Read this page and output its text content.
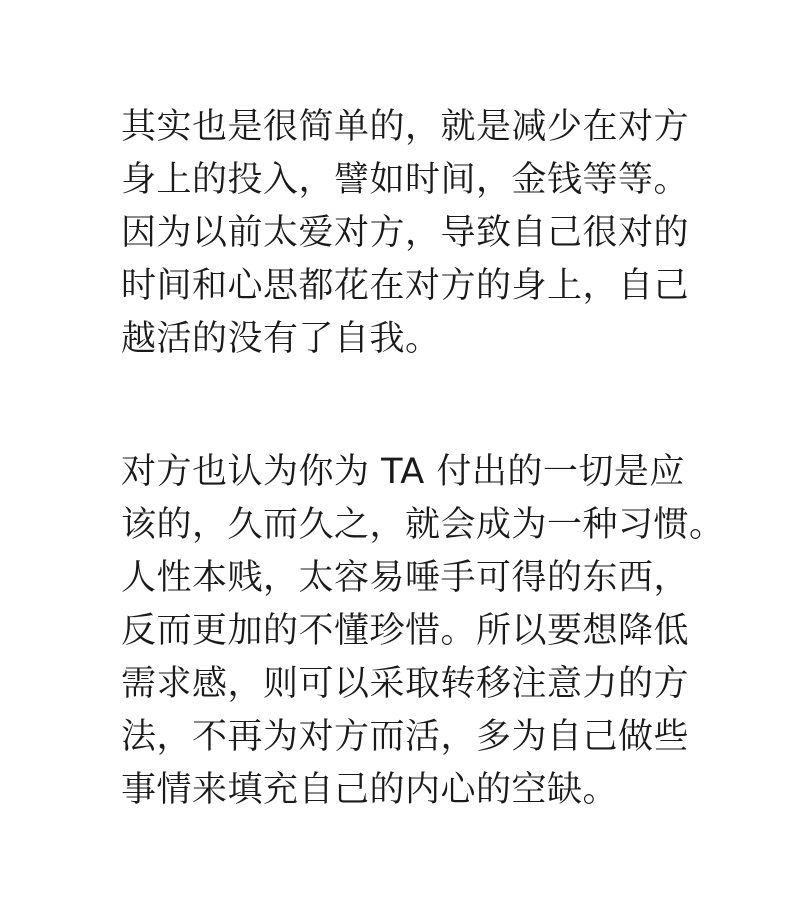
其实也是很简单的，就是减少在对方
身上的投入，譬如时间，金钱等等。
因为以前太爱对方，导致自己很对的
时间和心思都花在对方的身上，自己
越活的没有了自我。
对方也认为你为 TA 付出的一切是应
该的，久而久之，就会成为一种习惯。
人性本贱，太容易唾手可得的东西，
反而更加的不懂珍惜。所以要想降低
需求感，则可以采取转移注意力的方
法，不再为对方而活，多为自己做些
事情来填充自己的内心的空缺。
